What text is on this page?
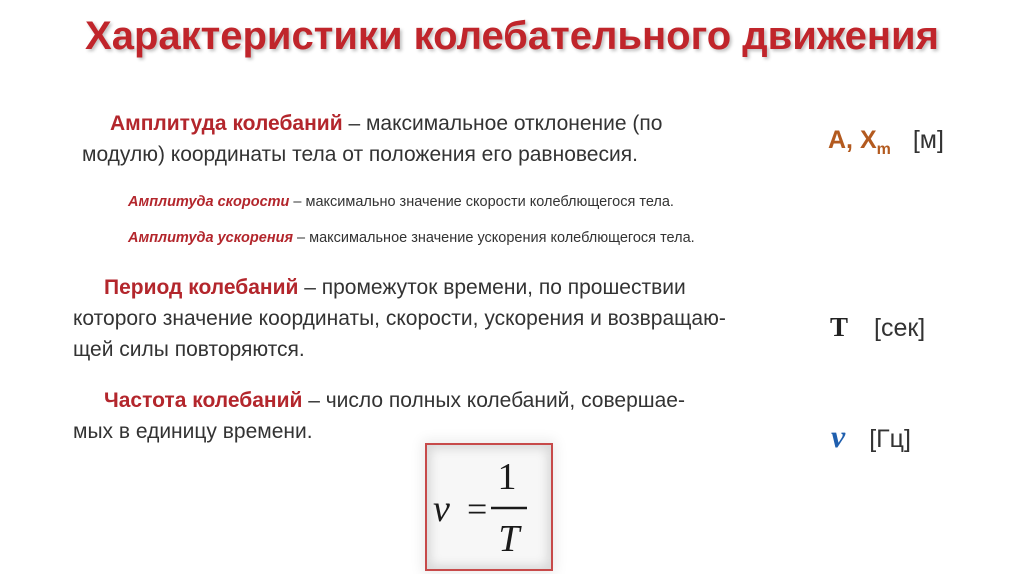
Характеристики колебательного движения
Амплитуда колебаний – максимальное отклонение (по
модулю) координаты тела от положения его равновесия.
А, $X_m$ [м]
Амплитуда скорости – максимально значение скорости колеблющегося тела.
Амплитуда ускорения – максимальное значение ускорения колеблющегося тела.
Период колебаний – промежуток времени, по прошествии
которого значение координаты, скорости, ускорения и возвращаю-
щей силы повторяются.
T [сек]
Частота колебаний – число полных колебаний, совершае-
мых в единицу времени.	ν [Гц]
ν =
1
T
